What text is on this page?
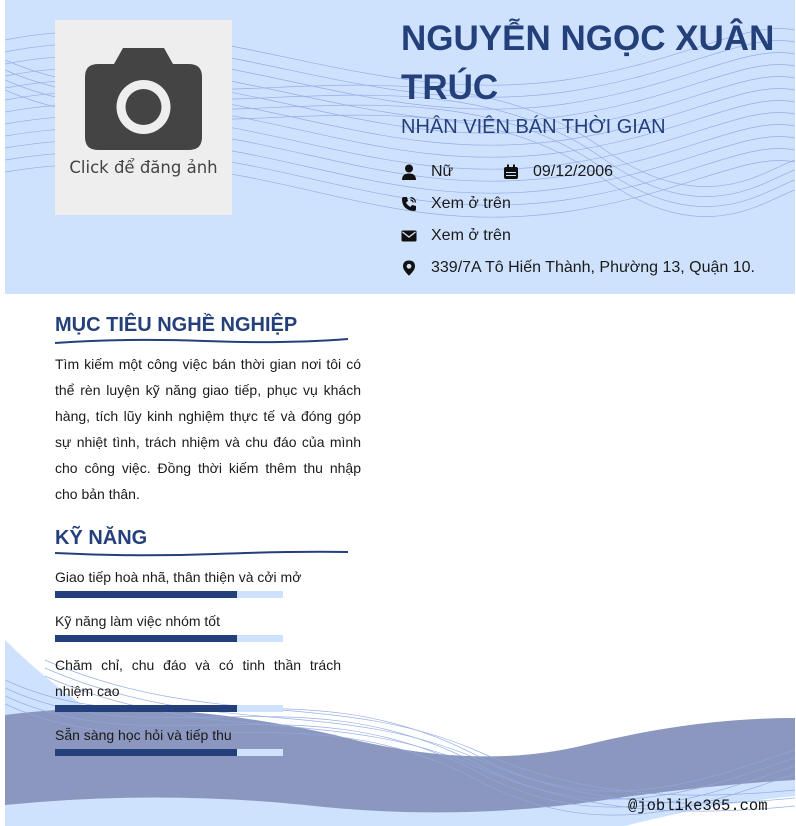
Click để đăng ảnh
NGUYỄN NGỌC XUÂN TRÚC
NHÂN VIÊN BÁN THỜI GIAN
Nữ	09/12/2006
Xem ở trên
Xem ở trên
339/7A Tô Hiến Thành, Phường 13, Quận 10.
MỤC TIÊU NGHỀ NGHIỆP
Tìm kiếm một công việc bán thời gian nơi tôi có thể rèn luyện kỹ năng giao tiếp, phục vụ khách hàng, tích lũy kinh nghiệm thực tế và đóng góp sự nhiệt tình, trách nhiệm và chu đáo của mình cho công việc. Đồng thời kiếm thêm thu nhập cho bản thân.
KỸ NĂNG
Giao tiếp hoà nhã, thân thiện và cởi mở
Kỹ năng làm việc nhóm tốt
Chăm chỉ, chu đáo và có tinh thần trách nhiệm cao
Sẵn sàng học hỏi và tiếp thu
@joblike365.com
